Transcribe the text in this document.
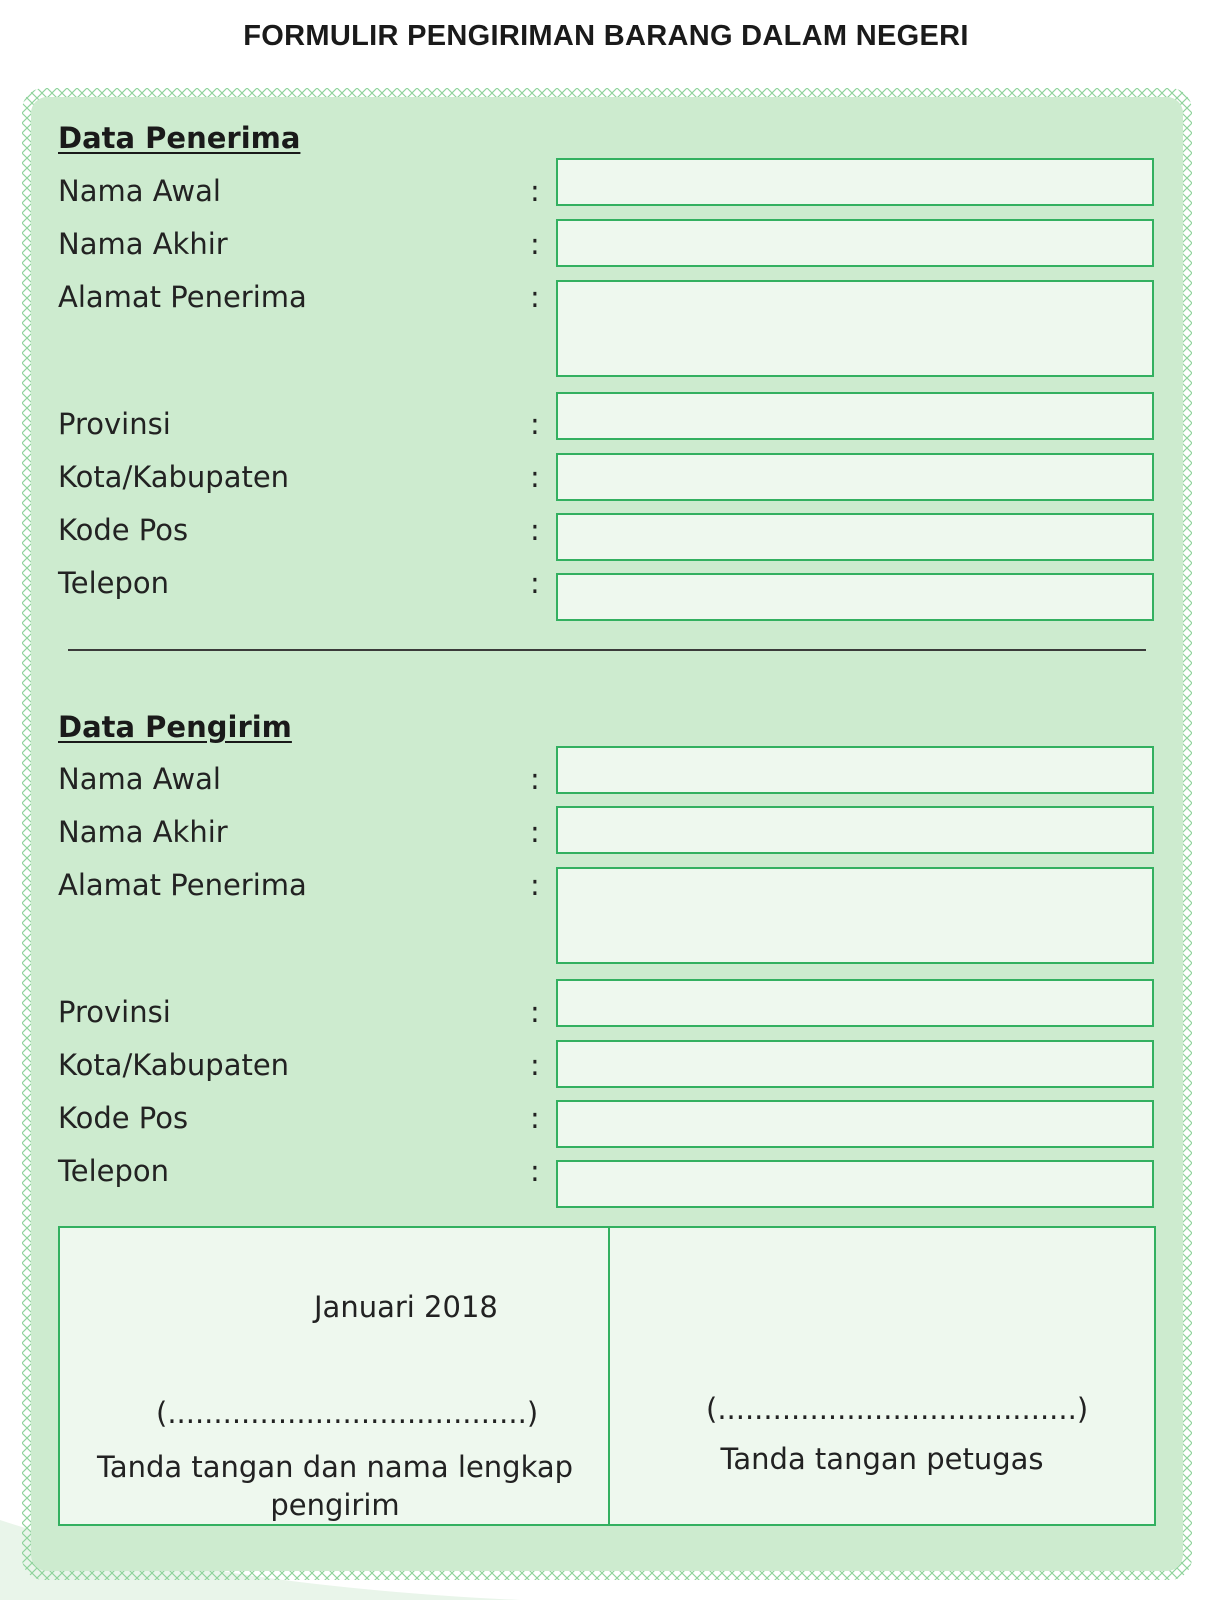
FORMULIR PENGIRIMAN BARANG DALAM NEGERI
Data Penerima
Nama Awal	:
Nama Akhir	:
Alamat Penerima	:
Provinsi	:
Kota/Kabupaten	:
Kode Pos	:
Telepon	:
Data Pengirim
Nama Awal	:
Nama Akhir	:
Alamat Penerima	:
Provinsi	:
Kota/Kabupaten	:
Kode Pos	:
Telepon	:
Januari 2018
(.......................................)
Tanda tangan dan nama lengkap pengirim
(.......................................)
Tanda tangan petugas
